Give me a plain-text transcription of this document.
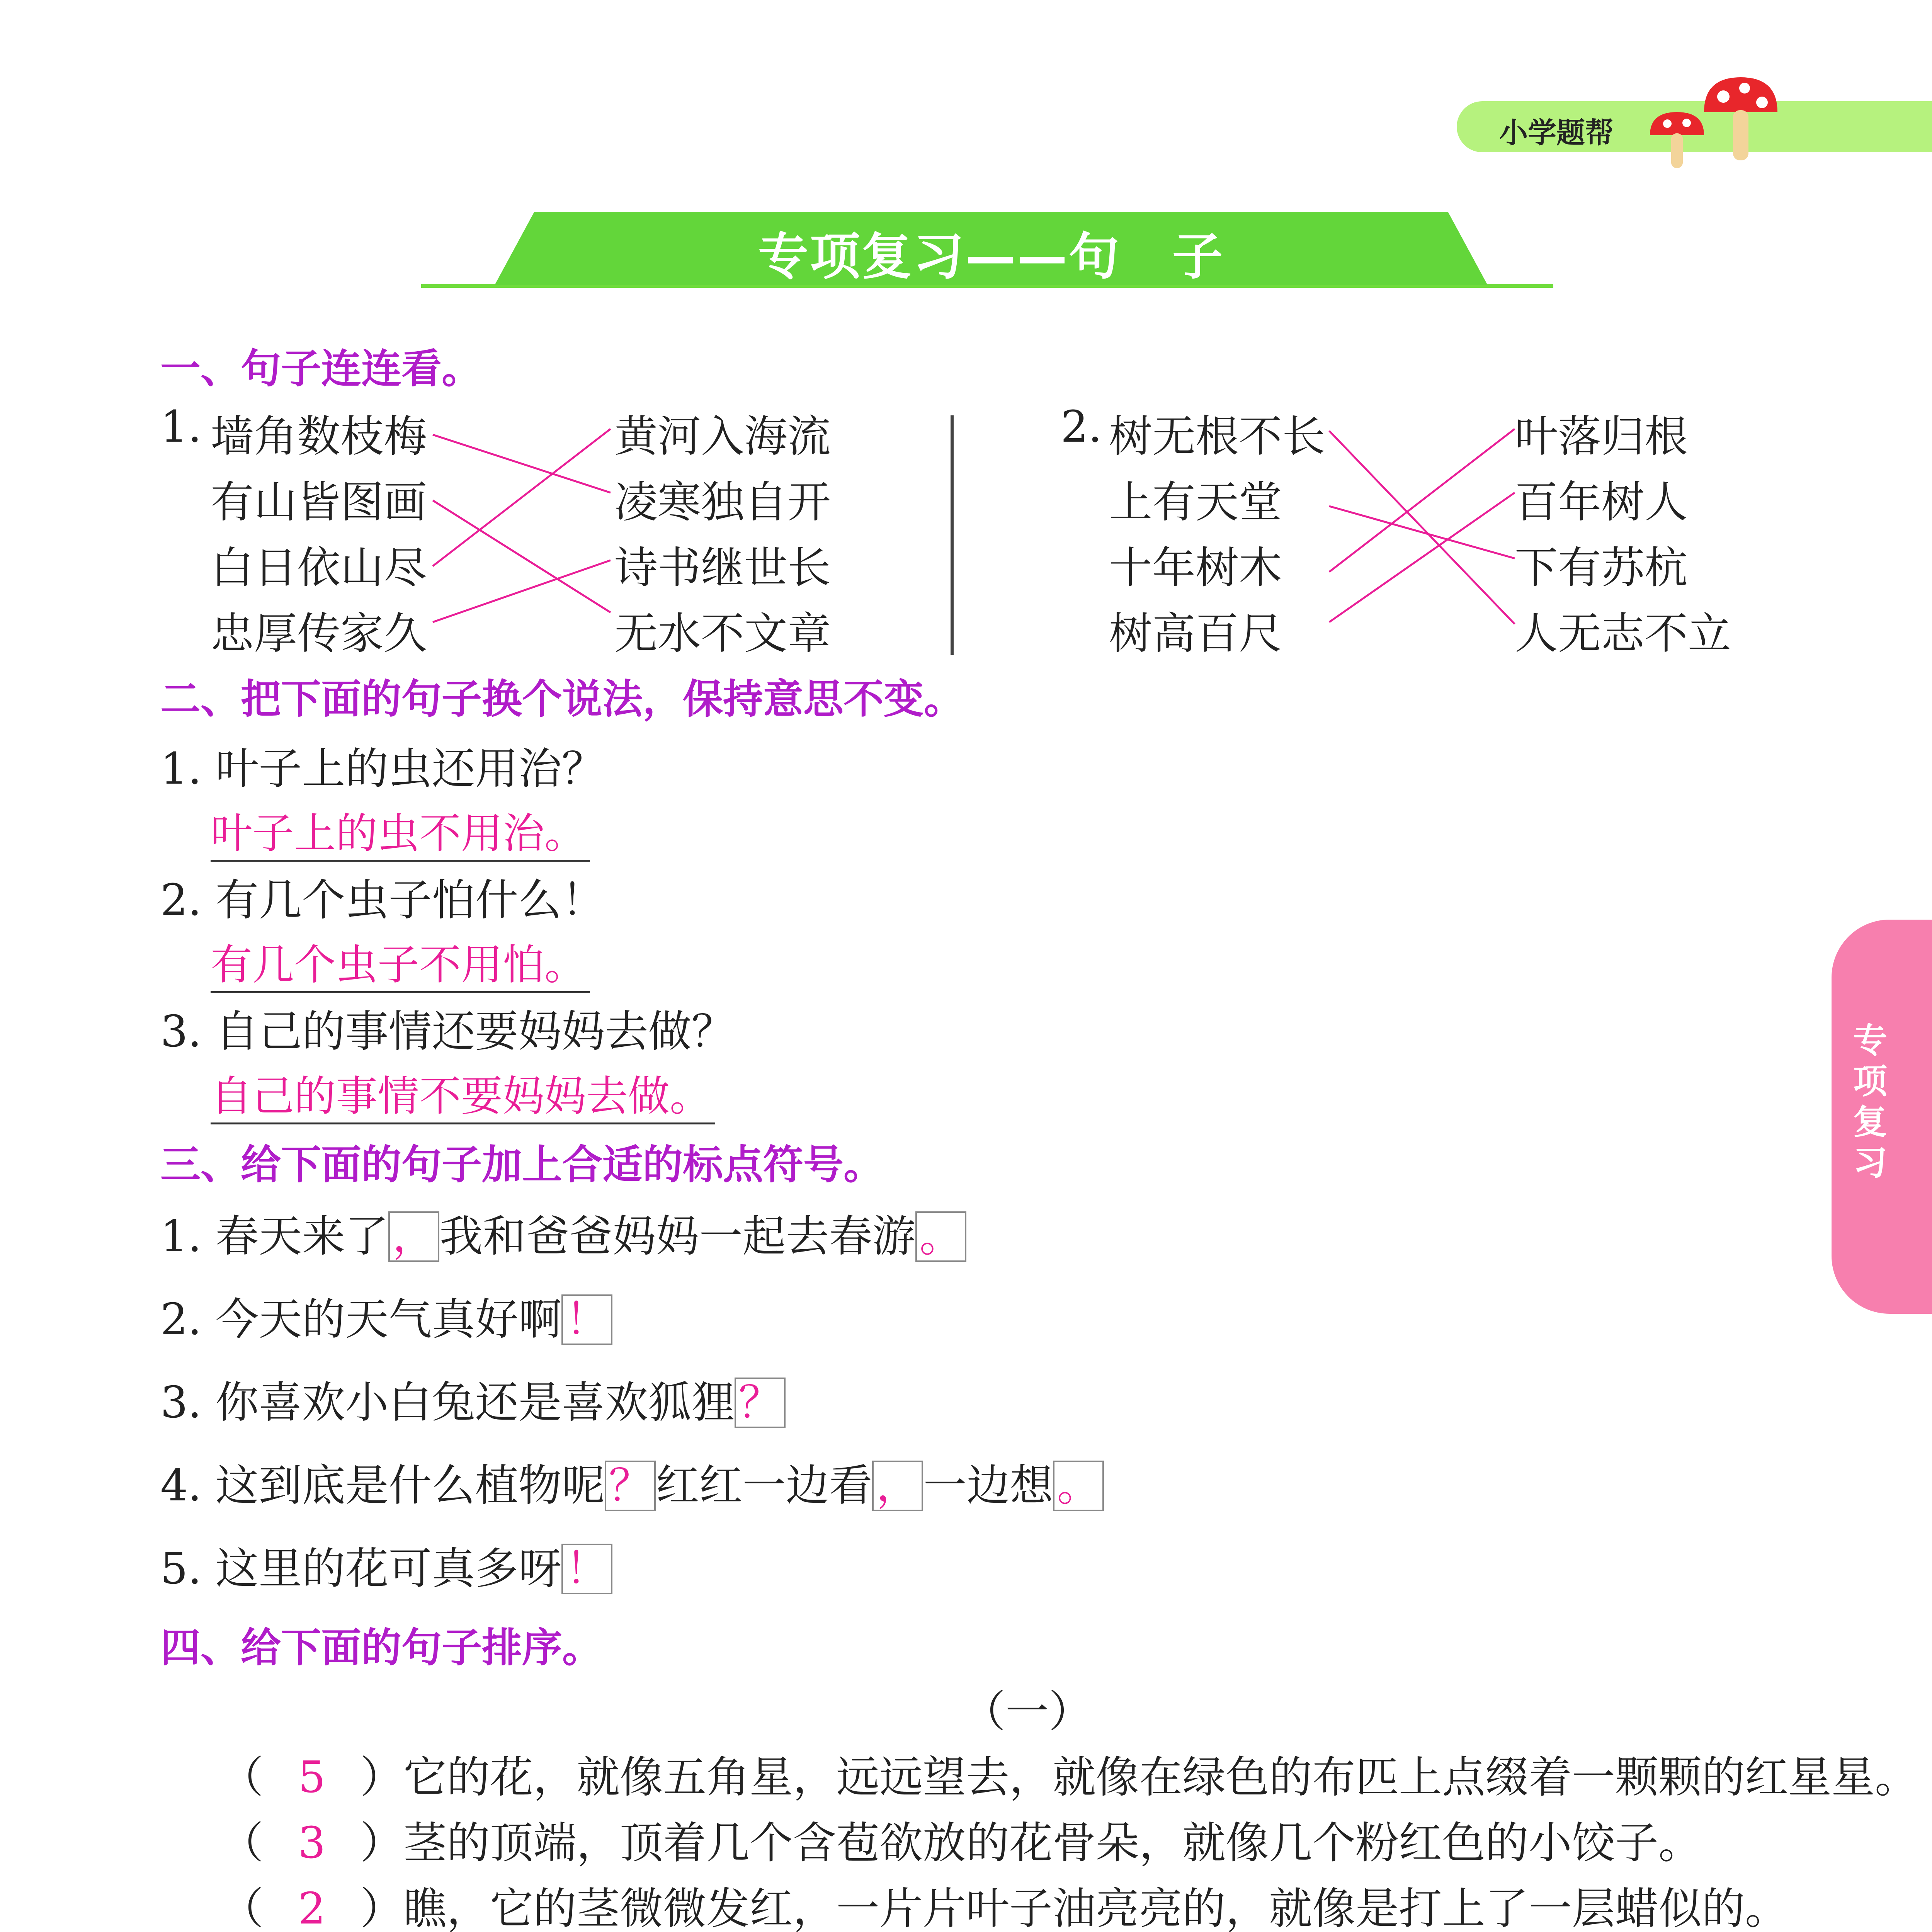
小学题帮
专项复习——句　子
专项复习
一、句子连连看。
1. 墙角数枝梅
有山皆图画
白日依山尽
忠厚传家久
黄河入海流
凌寒独自开
诗书继世长
无水不文章
2. 树无根不长
上有天堂
十年树木
树高百尺
叶落归根
百年树人
下有苏杭
人无志不立
二、把下面的句子换个说法，保持意思不变。
1. 叶子上的虫还用治？
叶子上的虫不用治。
2. 有几个虫子怕什么！
有几个虫子不用怕。
3. 自己的事情还要妈妈去做？
自己的事情不要妈妈去做。
三、给下面的句子加上合适的标点符号。
1. 春天来了，我和爸爸妈妈一起去春游。
2. 今天的天气真好啊！
3. 你喜欢小白兔还是喜欢狐狸？
4. 这到底是什么植物呢？红红一边看，一边想。
5. 这里的花可真多呀！
四、给下面的句子排序。
（一）
（ 5 ）它的花，就像五角星，远远望去，就像在绿色的布匹上点缀着一颗颗的红星星。
（ 3 ）茎的顶端，顶着几个含苞欲放的花骨朵，就像几个粉红色的小饺子。
（ 2 ）瞧，它的茎微微发红，一片片叶子油亮亮的，就像是打上了一层蜡似的。
